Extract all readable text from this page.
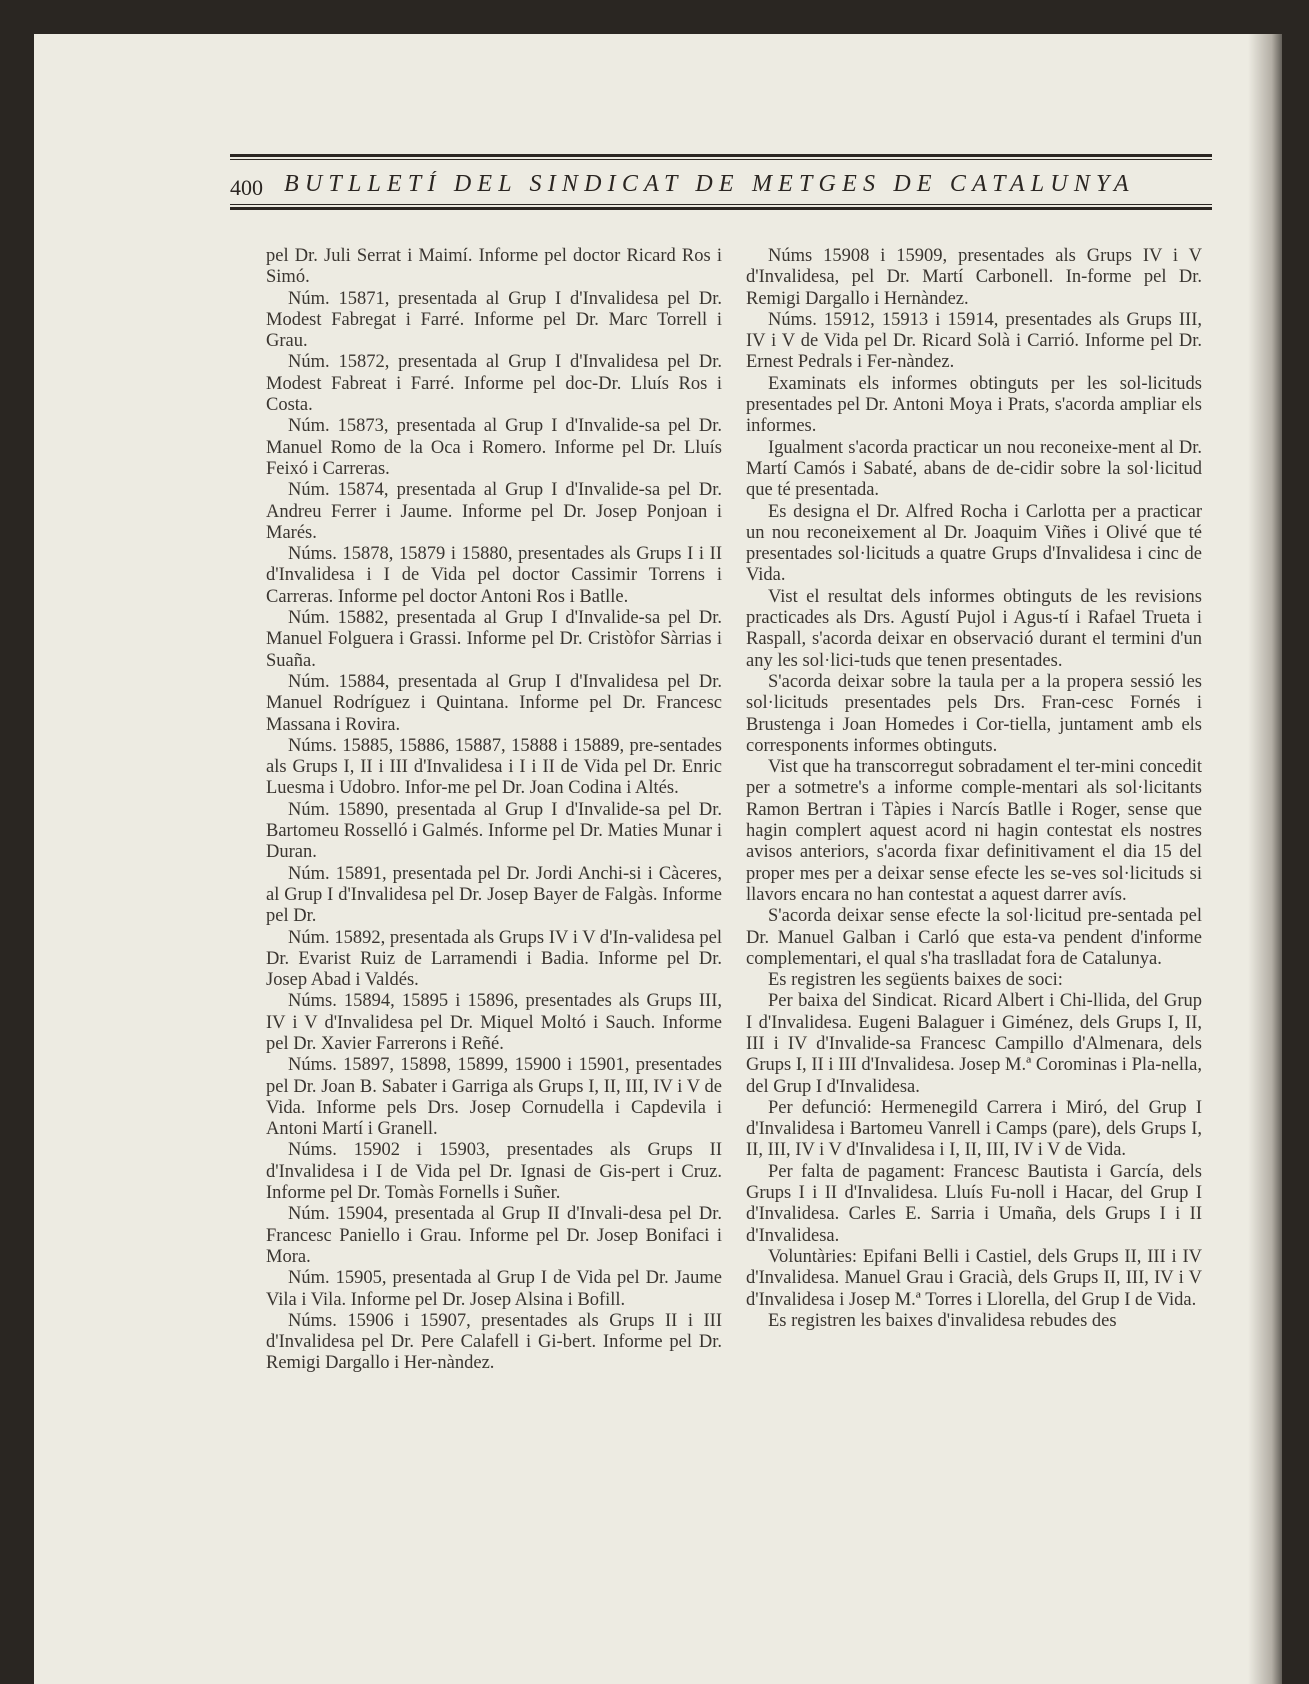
400 BUTLLETÍ DEL SINDICAT DE METGES DE CATALUNYA

pel Dr. Juli Serrat i Maimí. Informe pel doctor Ricard Ros i Simó.

Núm. 15871, presentada al Grup I d'Invalidesa pel Dr. Modest Fabregat i Farré. Informe pel Dr. Marc Torrell i Grau.

Núm. 15872, presentada al Grup I d'Invalidesa pel Dr. Modest Fabreat i Farré. Informe pel doc-Dr. Lluís Ros i Costa.

Núm. 15873, presentada al Grup I d'Invalide-sa pel Dr. Manuel Romo de la Oca i Romero. Informe pel Dr. Lluís Feixó i Carreras.

Núm. 15874, presentada al Grup I d'Invalide-sa pel Dr. Andreu Ferrer i Jaume. Informe pel Dr. Josep Ponjoan i Marés.

Núms. 15878, 15879 i 15880, presentades als Grups I i II d'Invalidesa i I de Vida pel doctor Cassimir Torrens i Carreras. Informe pel doctor Antoni Ros i Batlle.

Núm. 15882, presentada al Grup I d'Invalide-sa pel Dr. Manuel Folguera i Grassi. Informe pel Dr. Cristòfor Sàrrias i Suaña.

Núm. 15884, presentada al Grup I d'Invalidesa pel Dr. Manuel Rodríguez i Quintana. Informe pel Dr. Francesc Massana i Rovira.

Núms. 15885, 15886, 15887, 15888 i 15889, pre-sentades als Grups I, II i III d'Invalidesa i I i II de Vida pel Dr. Enric Luesma i Udobro. Infor-me pel Dr. Joan Codina i Altés.

Núm. 15890, presentada al Grup I d'Invalide-sa pel Dr. Bartomeu Rosselló i Galmés. Informe pel Dr. Maties Munar i Duran.

Núm. 15891, presentada pel Dr. Jordi Anchi-si i Càceres, al Grup I d'Invalidesa pel Dr. Josep Bayer de Falgàs. Informe pel Dr.

Núm. 15892, presentada als Grups IV i V d'In-validesa pel Dr. Evarist Ruiz de Larramendi i Badia. Informe pel Dr. Josep Abad i Valdés.

Núms. 15894, 15895 i 15896, presentades als Grups III, IV i V d'Invalidesa pel Dr. Miquel Moltó i Sauch. Informe pel Dr. Xavier Farrerons i Reñé.

Núms. 15897, 15898, 15899, 15900 i 15901, presentades pel Dr. Joan B. Sabater i Garriga als Grups I, II, III, IV i V de Vida. Informe pels Drs. Josep Cornudella i Capdevila i Antoni Martí i Granell.

Núms. 15902 i 15903, presentades als Grups II d'Invalidesa i I de Vida pel Dr. Ignasi de Gis-pert i Cruz. Informe pel Dr. Tomàs Fornells i Suñer.

Núm. 15904, presentada al Grup II d'Invali-desa pel Dr. Francesc Paniello i Grau. Informe pel Dr. Josep Bonifaci i Mora.

Núm. 15905, presentada al Grup I de Vida pel Dr. Jaume Vila i Vila. Informe pel Dr. Josep Alsina i Bofill.

Núms. 15906 i 15907, presentades als Grups II i III d'Invalidesa pel Dr. Pere Calafell i Gi-bert. Informe pel Dr. Remigi Dargallo i Her-nàndez.

Núms 15908 i 15909, presentades als Grups IV i V d'Invalidesa, pel Dr. Martí Carbonell. In-forme pel Dr. Remigi Dargallo i Hernàndez.

Núms. 15912, 15913 i 15914, presentades als Grups III, IV i V de Vida pel Dr. Ricard Solà i Carrió. Informe pel Dr. Ernest Pedrals i Fer-nàndez.

Examinats els informes obtinguts per les sol-licituds presentades pel Dr. Antoni Moya i Prats, s'acorda ampliar els informes.

Igualment s'acorda practicar un nou reconeixe-ment al Dr. Martí Camós i Sabaté, abans de de-cidir sobre la sol·licitud que té presentada.

Es designa el Dr. Alfred Rocha i Carlotta per a practicar un nou reconeixement al Dr. Joaquim Viñes i Olivé que té presentades sol·licituds a quatre Grups d'Invalidesa i cinc de Vida.

Vist el resultat dels informes obtinguts de les revisions practicades als Drs. Agustí Pujol i Agus-tí i Rafael Trueta i Raspall, s'acorda deixar en observació durant el termini d'un any les sol·lici-tuds que tenen presentades.

S'acorda deixar sobre la taula per a la propera sessió les sol·licituds presentades pels Drs. Fran-cesc Fornés i Brustenga i Joan Homedes i Cor-tiella, juntament amb els corresponents informes obtinguts.

Vist que ha transcorregut sobradament el ter-mini concedit per a sotmetre's a informe comple-mentari als sol·licitants Ramon Bertran i Tàpies i Narcís Batlle i Roger, sense que hagin complert aquest acord ni hagin contestat els nostres avisos anteriors, s'acorda fixar definitivament el dia 15 del proper mes per a deixar sense efecte les se-ves sol·licituds si llavors encara no han contestat a aquest darrer avís.

S'acorda deixar sense efecte la sol·licitud pre-sentada pel Dr. Manuel Galban i Carló que esta-va pendent d'informe complementari, el qual s'ha traslladat fora de Catalunya.

Es registren les següents baixes de soci:

Per baixa del Sindicat. Ricard Albert i Chi-llida, del Grup I d'Invalidesa. Eugeni Balaguer i Giménez, dels Grups I, II, III i IV d'Invalide-sa Francesc Campillo d'Almenara, dels Grups I, II i III d'Invalidesa. Josep M.ª Corominas i Pla-nella, del Grup I d'Invalidesa.

Per defunció: Hermenegild Carrera i Miró, del Grup I d'Invalidesa i Bartomeu Vanrell i Camps (pare), dels Grups I, II, III, IV i V d'Invalidesa i I, II, III, IV i V de Vida.

Per falta de pagament: Francesc Bautista i García, dels Grups I i II d'Invalidesa. Lluís Fu-noll i Hacar, del Grup I d'Invalidesa. Carles E. Sarria i Umaña, dels Grups I i II d'Invalidesa.

Voluntàries: Epifani Belli i Castiel, dels Grups II, III i IV d'Invalidesa. Manuel Grau i Gracià, dels Grups II, III, IV i V d'Invalidesa i Josep M.ª Torres i Llorella, del Grup I de Vida.

Es registren les baixes d'invalidesa rebudes des
